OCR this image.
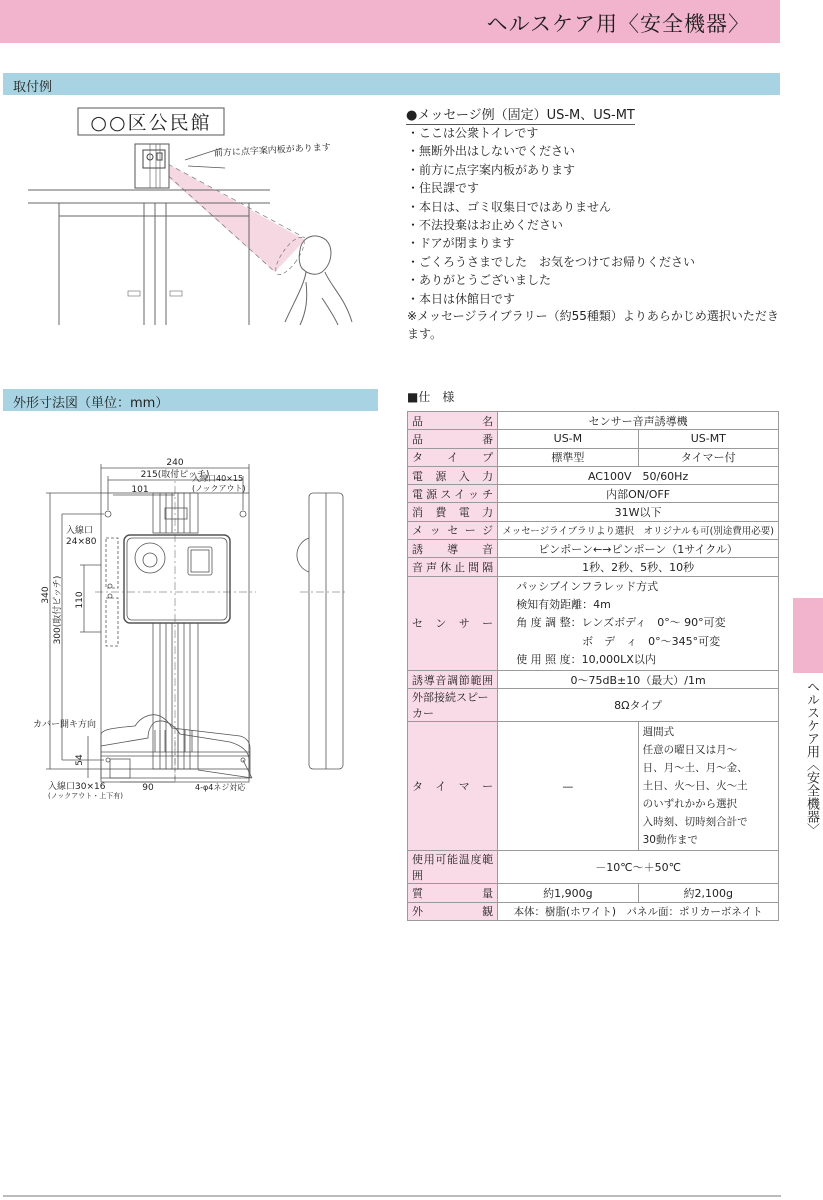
ヘルスケア用〈安全機器〉
取付例
○○区公民館
前方に点字案内板があります
●メッセージ例（固定）US-M、US-MT
・ここは公衆トイレです
・無断外出はしないでください
・前方に点字案内板があります
・住民課です
・本日は、ゴミ収集日ではありません
・不法投棄はお止めください
・ドアが閉まります
・ごくろうさまでした　お気をつけてお帰りください
・ありがとうございました
・本日は休館日です
※メッセージライブラリー（約55種類）よりあらかじめ選択いただきます。
外形寸法図（単位：mm）
240
215(取付ピッチ)
101
入線口40×15
(ノックアウト)
入線口
24×80
340 300(取付ピッチ) 110
4-φ4ネジ対応
カバー開キ方向
54
入線口30×16
(ノックアウト・上下有)
90
■仕　様
品名	センサー音声誘導機	
品番	US-M	US-MT
タイプ	標準型	タイマー付
電源入力	AC100V　50/60Hz	
電源スイッチ	内部ON/OFF	
消費電力	31W以下	
メッセージ	メッセージライブラリより選択　オリジナルも可(別途費用必要)	
誘導音	ピンポーン←→ピンポーン（1サイクル）	
音声休止間隔	1秒、2秒、5秒、10秒	
センサー	パッシブインフラレッド方式
検知有効距離：4m
角 度 調 整：レンズボディ　0°～ 90°可変
　　　　　　ボ　デ　ィ　0°～345°可変
使 用 照 度：10,000LX以内	

誘導音調節範囲	0～75dB±10（最大）/1m	
外部接続スピーカー	8Ωタイプ	
タイマー	—	
週間式
任意の曜日又は月～
日、月～土、月～金、
土日、火～日、火～土
のいずれかから選択
入時刻、切時刻合計で
30動作まで

使用可能温度範囲	－10℃～＋50℃	
質量	約1,900g	約2,100g
外観	本体：樹脂(ホワイト)　パネル面：ポリカーボネイト	
ヘルスケア用〈安全機器〉
